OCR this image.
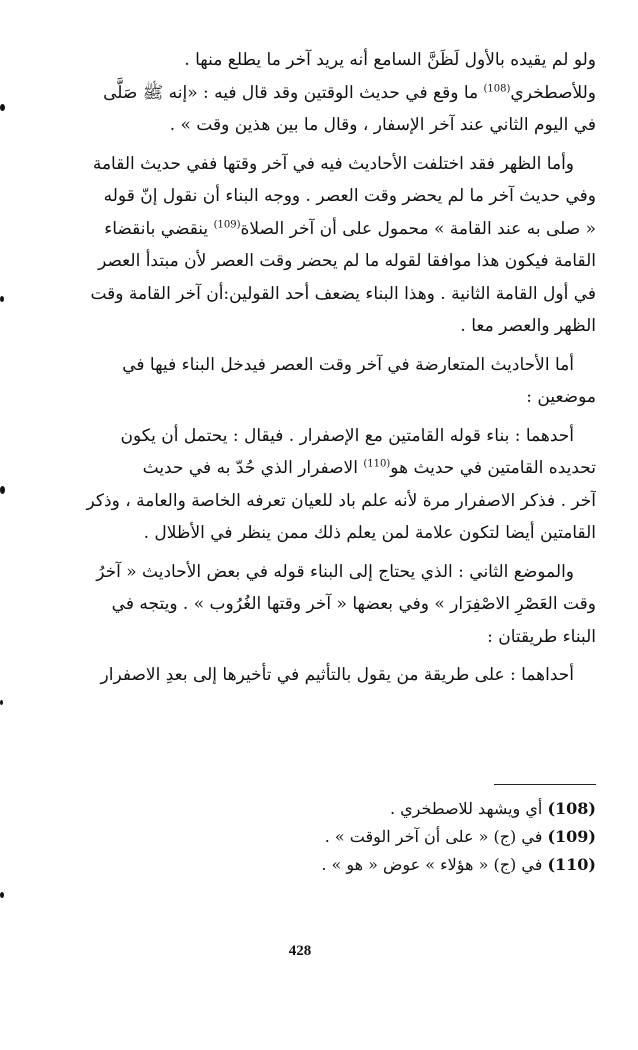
ولو لم يقيده بالأول لَظَنَّ السامع أنه يريد آخر ما يطلع منها .
وللأصطخري$^{(108)}$ ما وقع في حديث الوقتين وقد قال فيه : «إنه ﷺ صَلَّى
في اليوم الثاني عند آخر الإسفار ، وقال ما بين هذين وقت » .
وأما الظهر فقد اختلفت الأحاديث فيه في آخر وقتها ففي حديث القامة
وفي حديث آخر ما لم يحضر وقت العصر . ووجه البناء أن نقول إنّ قوله
« صلى به عند القامة » محمول على أن آخر الصلاة$^{(109)}$ ينقضي بانقضاء
القامة فيكون هذا موافقا لقوله ما لم يحضر وقت العصر لأن مبتدأ العصر
في أول القامة الثانية . وهذا البناء يضعف أحد القولين:أن آخر القامة وقت
الظهر والعصر معا .
أما الأحاديث المتعارضة في آخر وقت العصر فيدخل البناء فيها في
موضعين :
أحدهما : بناء قوله القامتين مع الإصفرار . فيقال : يحتمل أن يكون
تحديده القامتين في حديث هو$^{(110)}$ الاصفرار الذي حُدّ به في حديث
آخر . فذكر الاصفرار مرة لأنه علم باد للعيان تعرفه الخاصة والعامة ، وذكر
القامتين أيضا لتكون علامة لمن يعلم ذلك ممن ينظر في الأظلال .
والموضع الثاني : الذي يحتاج إلى البناء قوله في بعض الأحاديث « آخرُ
وقت العَصْرِ الاصْفِرَار » وفي بعضها « آخر وقتها الغُرُوب » . ويتجه في
البناء طريقتان :
أحداهما : على طريقة من يقول بالتأثيم في تأخيرها إلى بعدِ الاصفرار
(108) أي ويشهد للاصطخري .
(109) في (ج) « على أن آخر الوقت » .
(110) في (ج) « هؤلاء » عوض « هو » .
428
